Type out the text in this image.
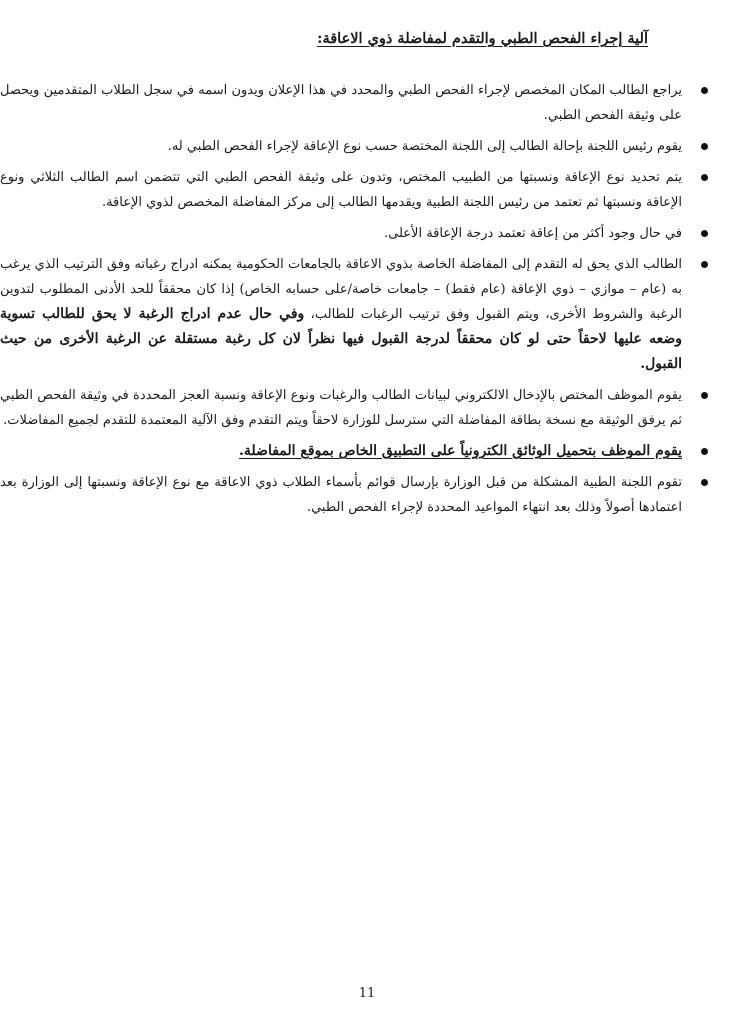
آلية إجراء الفحص الطبي والتقدم لمفاضلة ذوي الاعاقة:
يراجع الطالب المكان المخصص لإجراء الفحص الطبي والمحدد في هذا الإعلان ويدون اسمه في سجل الطلاب المتقدمين ويحصل على وثيقة الفحص الطبي.
يقوم رئيس اللجنة بإحالة الطالب إلى اللجنة المختصة حسب نوع الإعاقة لإجراء الفحص الطبي له.
يتم تحديد نوع الإعاقة ونسبتها من الطبيب المختص، وتدون على وثيقة الفحص الطبي التي تتضمن اسم الطالب الثلاثي ونوع الإعاقة ونسبتها ثم تعتمد من رئيس اللجنة الطبية ويقدمها الطالب إلى مركز المفاضلة المخصص لذوي الإعاقة.
في حال وجود أكثر من إعاقة تعتمد درجة الإعاقة الأعلى.
الطالب الذي يحق له التقدم إلى المفاضلة الخاصة بذوي الاعاقة بالجامعات الحكومية يمكنه ادراج رغباته وفق الترتيب الذي يرغب به (عام – موازي – ذوي الإعاقة (عام فقط) – جامعات خاصة/على حسابه الخاص) إذا كان محققاً للحد الأدنى المطلوب لتدوين الرغبة والشروط الأخرى، ويتم القبول وفق ترتيب الرغبات للطالب، وفي حال عدم ادراج الرغبة لا يحق للطالب تسوية وضعه عليها لاحقاً حتى لو كان محققاً لدرجة القبول فيها نظراً لان كل رغبة مستقلة عن الرغبة الأخرى من حيث القبول.
يقوم الموظف المختص بالإدخال الالكتروني لبيانات الطالب والرغبات ونوع الإعاقة ونسبة العجز المحددة في وثيقة الفحص الطبي ثم يرفق الوثيقة مع نسخة بطاقة المفاضلة التي سترسل للوزارة لاحقاً ويتم التقدم وفق الآلية المعتمدة للتقدم لجميع المفاضلات.
يقوم الموظف بتحميل الوثائق الكترونياً على التطبيق الخاص بموقع المفاضلة.
تقوم اللجنة الطبية المشكلة من قبل الوزارة بإرسال قوائم بأسماء الطلاب ذوي الاعاقة مع نوع الإعاقة ونسبتها إلى الوزارة بعد اعتمادها أصولاً وذلك بعد انتهاء المواعيد المحددة لإجراء الفحص الطبي.
11
